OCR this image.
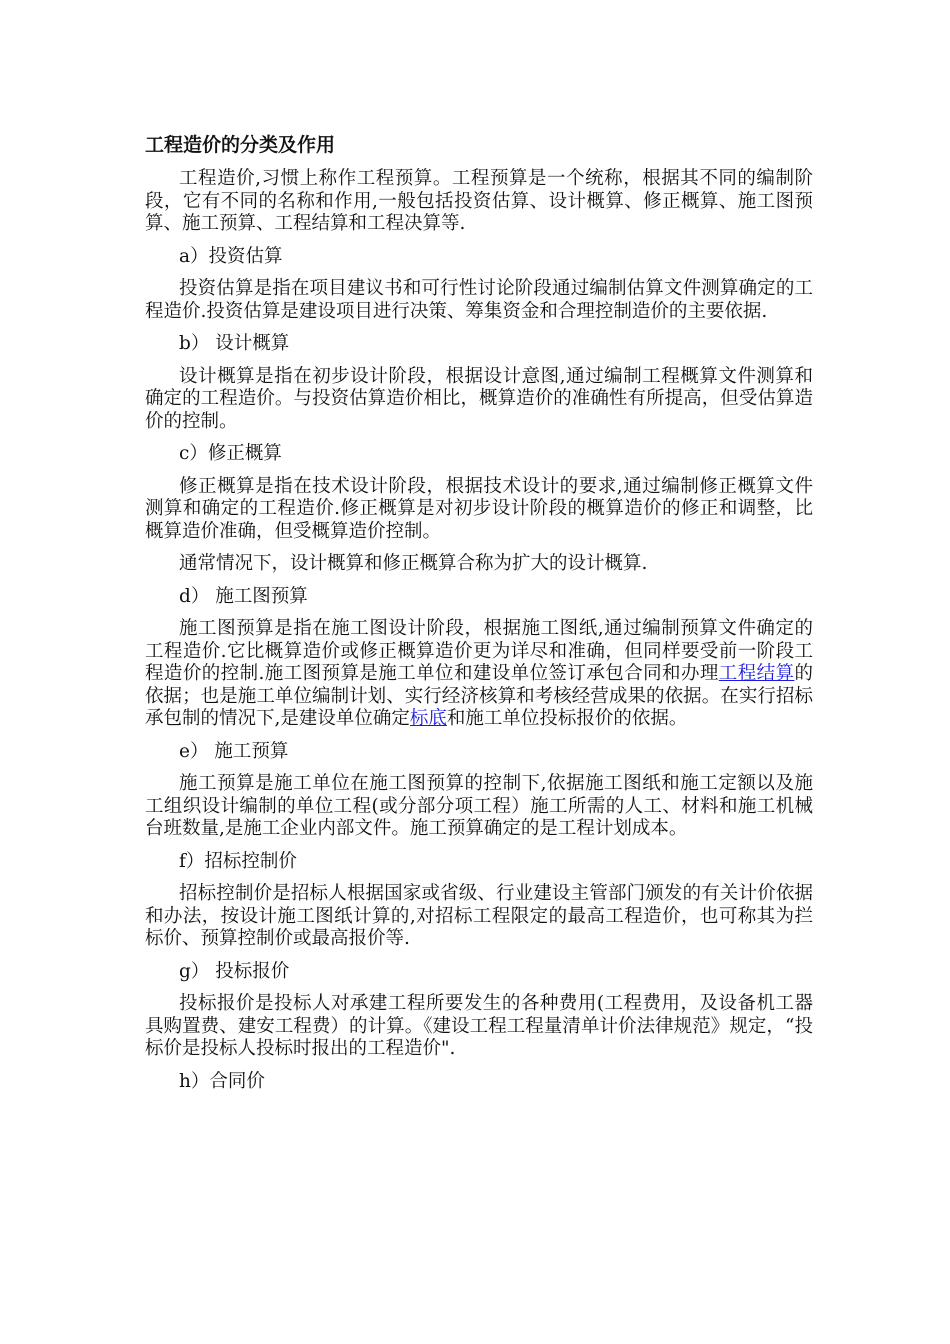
工程造价的分类及作用

工程造价,习惯上称作工程预算。工程预算是一个统称，根据其不同的编制阶段，它有不同的名称和作用,一般包括投资估算、设计概算、修正概算、施工图预算、施工预算、工程结算和工程决算等.

a）投资估算

投资估算是指在项目建议书和可行性讨论阶段通过编制估算文件测算确定的工程造价.投资估算是建设项目进行决策、筹集资金和合理控制造价的主要依据.

b） 设计概算

设计概算是指在初步设计阶段，根据设计意图,通过编制工程概算文件测算和确定的工程造价。与投资估算造价相比，概算造价的准确性有所提高，但受估算造价的控制。

c）修正概算

修正概算是指在技术设计阶段，根据技术设计的要求,通过编制修正概算文件测算和确定的工程造价.修正概算是对初步设计阶段的概算造价的修正和调整，比概算造价准确，但受概算造价控制。

通常情况下，设计概算和修正概算合称为扩大的设计概算.

d） 施工图预算

施工图预算是指在施工图设计阶段，根据施工图纸,通过编制预算文件确定的工程造价.它比概算造价或修正概算造价更为详尽和准确，但同样要受前一阶段工程造价的控制.施工图预算是施工单位和建设单位签订承包合同和办理工程结算的依据；也是施工单位编制计划、实行经济核算和考核经营成果的依据。在实行招标承包制的情况下,是建设单位确定标底和施工单位投标报价的依据。

e） 施工预算

施工预算是施工单位在施工图预算的控制下,依据施工图纸和施工定额以及施工组织设计编制的单位工程(或分部分项工程）施工所需的人工、材料和施工机械台班数量,是施工企业内部文件。施工预算确定的是工程计划成本。

f）招标控制价

招标控制价是招标人根据国家或省级、行业建设主管部门颁发的有关计价依据和办法，按设计施工图纸计算的,对招标工程限定的最高工程造价，也可称其为拦标价、预算控制价或最高报价等.

g） 投标报价

投标报价是投标人对承建工程所要发生的各种费用(工程费用，及设备机工器具购置费、建安工程费）的计算。《建设工程工程量清单计价法律规范》规定，“投标价是投标人投标时报出的工程造价".

h）合同价
